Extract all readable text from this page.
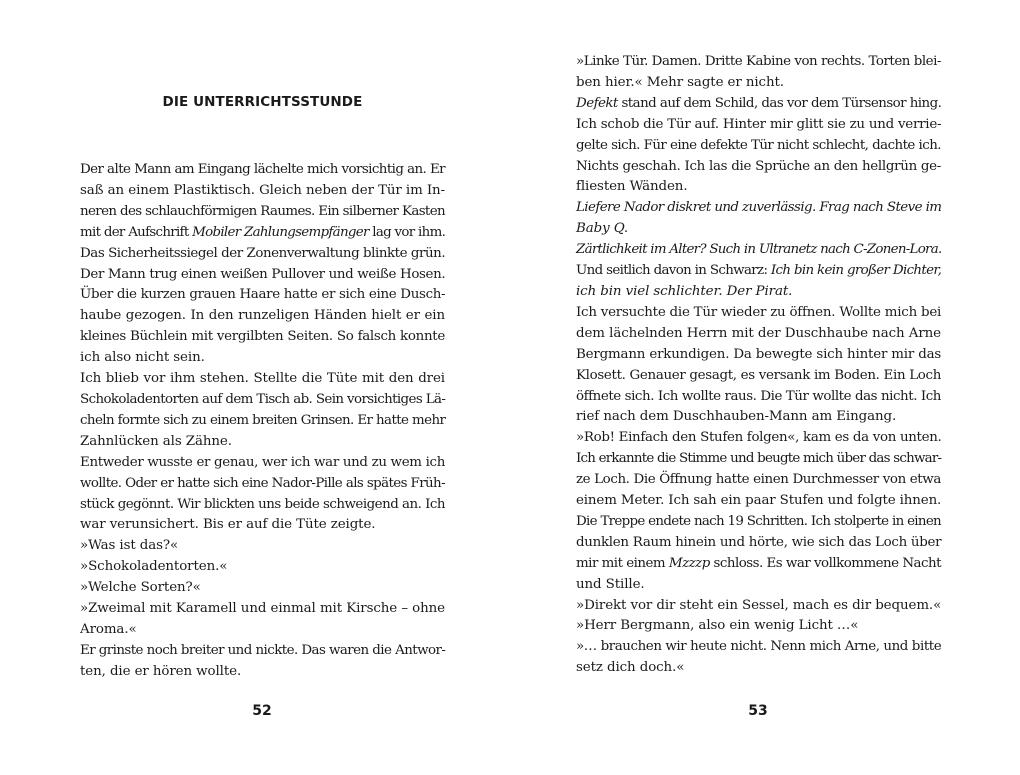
DIE UNTERRICHTSSTUNDE
Der alte Mann am Eingang lächelte mich vorsichtig an. Er
saß an einem Plastiktisch. Gleich neben der Tür im In-
neren des schlauchförmigen Raumes. Ein silberner Kasten
mit der Aufschrift Mobiler Zahlungsempfänger lag vor ihm.
Das Sicherheitssiegel der Zonenverwaltung blinkte grün.
Der Mann trug einen weißen Pullover und weiße Hosen.
Über die kurzen grauen Haare hatte er sich eine Dusch-
haube gezogen. In den runzeligen Händen hielt er ein
kleines Büchlein mit vergilbten Seiten. So falsch konnte
ich also nicht sein.
Ich blieb vor ihm stehen. Stellte die Tüte mit den drei
Schokoladentorten auf dem Tisch ab. Sein vorsichtiges Lä-
cheln formte sich zu einem breiten Grinsen. Er hatte mehr
Zahnlücken als Zähne.
Entweder wusste er genau, wer ich war und zu wem ich
wollte. Oder er hatte sich eine Nador-Pille als spätes Früh-
stück gegönnt. Wir blickten uns beide schweigend an. Ich
war verunsichert. Bis er auf die Tüte zeigte.
»Was ist das?«
»Schokoladentorten.«
»Welche Sorten?«
»Zweimal mit Karamell und einmal mit Kirsche – ohne
Aroma.«
Er grinste noch breiter und nickte. Das waren die Antwor-
ten, die er hören wollte.
52
»Linke Tür. Damen. Dritte Kabine von rechts. Torten blei-
ben hier.« Mehr sagte er nicht.
Defekt stand auf dem Schild, das vor dem Türsensor hing.
Ich schob die Tür auf. Hinter mir glitt sie zu und verrie-
gelte sich. Für eine defekte Tür nicht schlecht, dachte ich.
Nichts geschah. Ich las die Sprüche an den hellgrün ge-
fliesten Wänden.
Liefere Nador diskret und zuverlässig. Frag nach Steve im
Baby Q.
Zärtlichkeit im Alter? Such in Ultranetz nach C-Zonen-Lora.
Und seitlich davon in Schwarz: Ich bin kein großer Dichter,
ich bin viel schlichter. Der Pirat.
Ich versuchte die Tür wieder zu öffnen. Wollte mich bei
dem lächelnden Herrn mit der Duschhaube nach Arne
Bergmann erkundigen. Da bewegte sich hinter mir das
Klosett. Genauer gesagt, es versank im Boden. Ein Loch
öffnete sich. Ich wollte raus. Die Tür wollte das nicht. Ich
rief nach dem Duschhauben-Mann am Eingang.
»Rob! Einfach den Stufen folgen«, kam es da von unten.
Ich erkannte die Stimme und beugte mich über das schwar-
ze Loch. Die Öffnung hatte einen Durchmesser von etwa
einem Meter. Ich sah ein paar Stufen und folgte ihnen.
Die Treppe endete nach 19 Schritten. Ich stolperte in einen
dunklen Raum hinein und hörte, wie sich das Loch über
mir mit einem Mzzzp schloss. Es war vollkommene Nacht
und Stille.
»Direkt vor dir steht ein Sessel, mach es dir bequem.«
»Herr Bergmann, also ein wenig Licht …«
»… brauchen wir heute nicht. Nenn mich Arne, und bitte
setz dich doch.«
53
